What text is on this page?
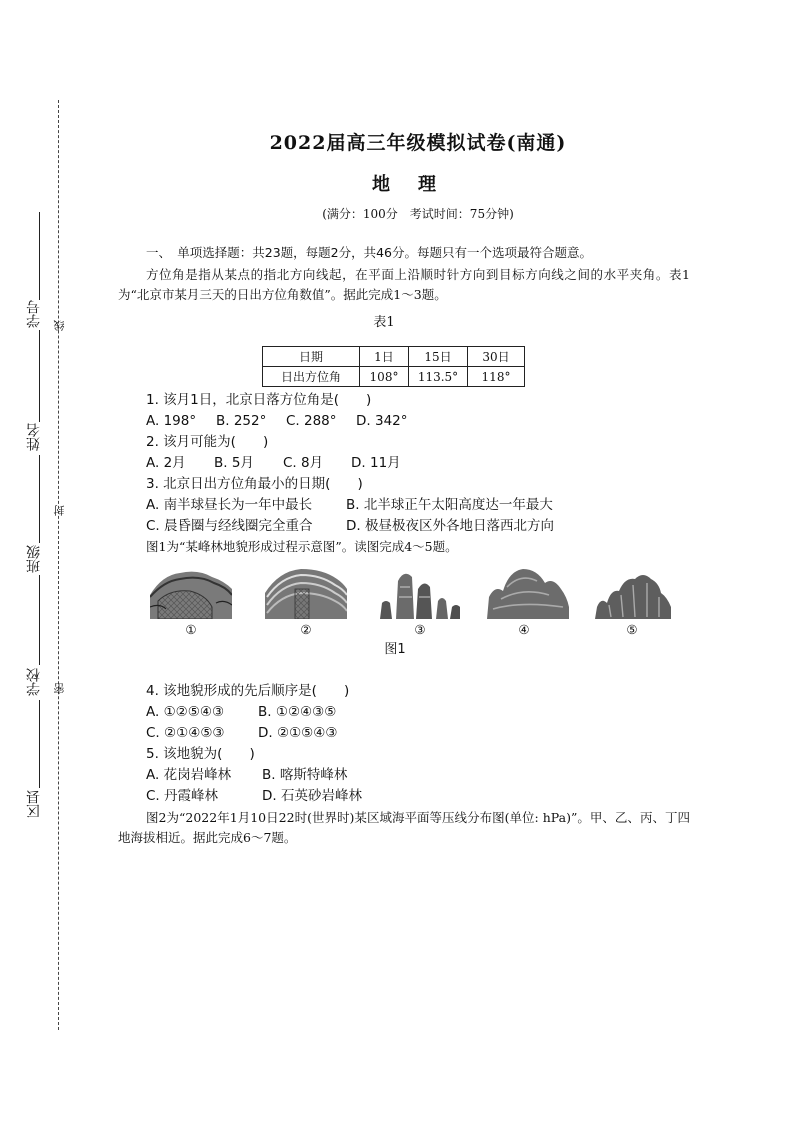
学号
姓名
班级
学校
区县
线
封
密
2022届高三年级模拟试卷(南通)
地理
(满分：100分　考试时间：75分钟)
一、　单项选择题：共23题，每题2分，共46分。每题只有一个选项最符合题意。
方位角是指从某点的指北方向线起，在平面上沿顺时针方向到目标方向线之间的水平夹角。表1为“北京市某月三天的日出方位角数值”。据此完成1～3题。
表1
日期	1日	15日	30日
日出方位角	108°	113.5°	118°
1. 该月1日，北京日落方位角是(　　)
A. 198° B. 252° C. 288° D. 342°
2. 该月可能为(　　)
A. 2月 B. 5月 C. 8月 D. 11月
3. 北京日出方位角最小的日期(　　)
A. 南半球昼长为一年中最长	B. 北半球正午太阳高度达一年最大
C. 晨昏圈与经线圈完全重合 D. 极昼极夜区外各地日落西北方向
图1为“某峰林地貌形成过程示意图”。读图完成4～5题。
①	②	③	④	⑤
图1
4. 该地貌形成的先后顺序是(　　)
A. ①②⑤④③	B. ①②④③⑤
C. ②①④⑤③ D. ②①⑤④③
5. 该地貌为(　　)
A. 花岗岩峰林 B. 喀斯特峰林
C. 丹霞峰林	D. 石英砂岩峰林
图2为“2022年1月10日22时(世界时)某区域海平面等压线分布图(单位: hPa)”。甲、乙、丙、丁四地海拔相近。据此完成6～7题。
